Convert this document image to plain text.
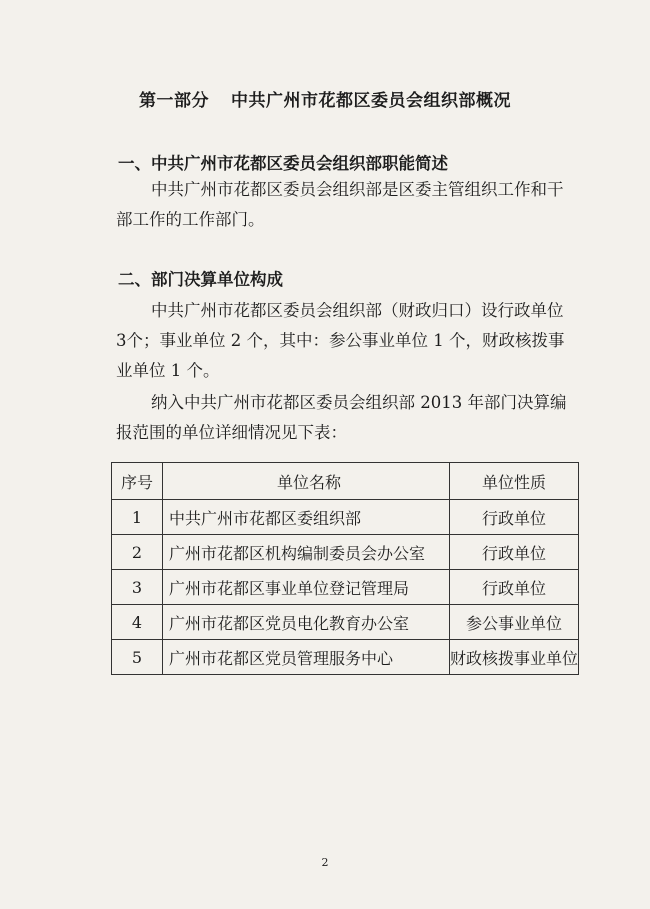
第一部分 中共广州市花都区委员会组织部概况
一、中共广州市花都区委员会组织部职能简述
中共广州市花都区委员会组织部是区委主管组织工作和干
部工作的工作部门。
二、部门决算单位构成
中共广州市花都区委员会组织部（财政归口）设行政单位
3个；事业单位 2 个，其中：参公事业单位 1 个，财政核拨事
业单位 1 个。
纳入中共广州市花都区委员会组织部 2013 年部门决算编
报范围的单位详细情况见下表：
序号	单位名称	单位性质
1	中共广州市花都区委组织部	行政单位
2	广州市花都区机构编制委员会办公室	行政单位
3	广州市花都区事业单位登记管理局	行政单位
4	广州市花都区党员电化教育办公室	参公事业单位
5	广州市花都区党员管理服务中心	财政核拨事业单位
2
